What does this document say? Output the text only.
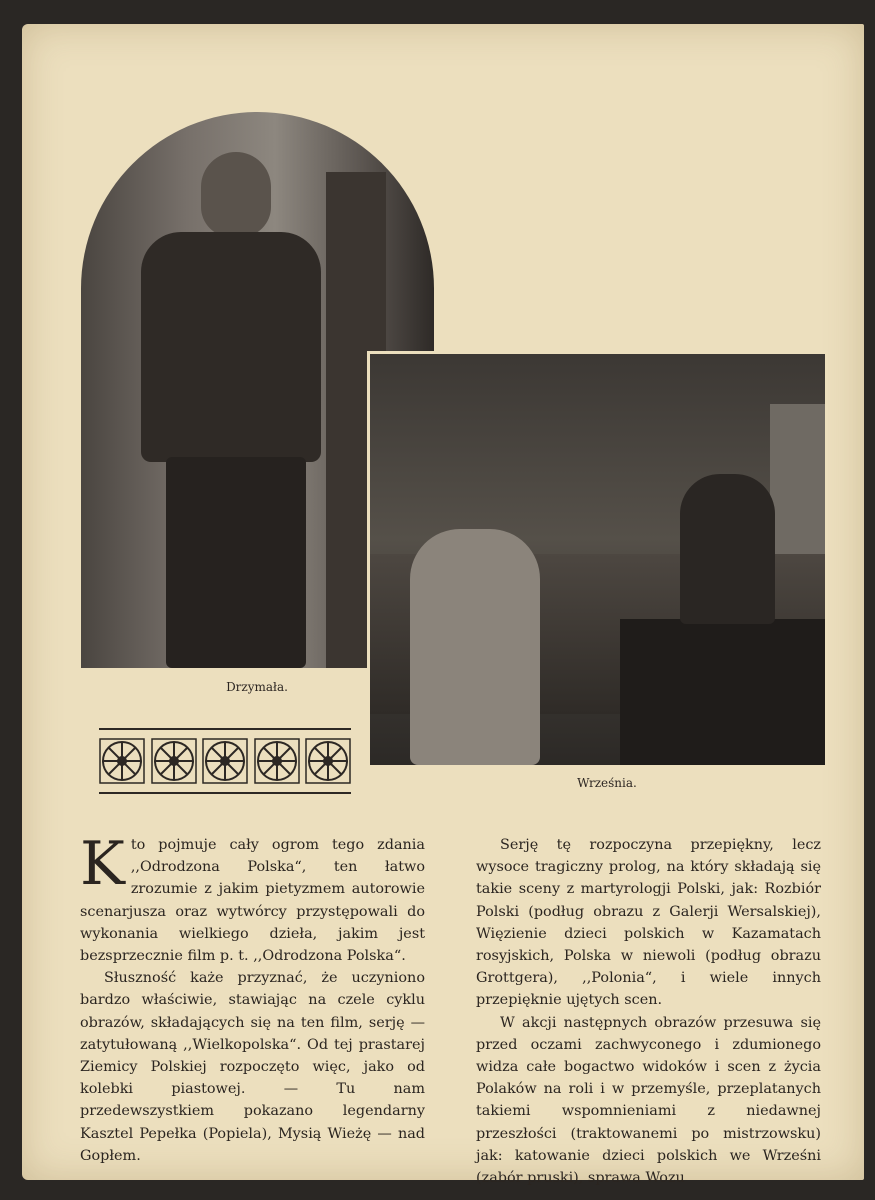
Drzymała.
Września.

Kto pojmuje cały ogrom tego zdania ,,Odrodzona Polska“, ten łatwo zrozumie z jakim pietyzmem autorowie scenarjusza oraz wytwórcy przystępowali do wykonania wielkiego dzieła, jakim jest bezsprzecznie film p. t. ,,Odrodzona Polska“.

Słuszność każe przyznać, że uczyniono bardzo właściwie, stawiając na czele cyklu obrazów, składających się na ten film, serję — zatytułowaną ,,Wielkopolska“. Od tej prastarej Ziemicy Polskiej rozpoczęto więc, jako od kolebki piastowej. — Tu nam przedewszystkiem pokazano legendarny Kasztel Pepełka (Popiela), Mysią Wieżę — nad Gopłem.

Serję tę rozpoczyna przepiękny, lecz wysoce tragiczny prolog, na który składają się takie sceny z martyrologji Polski, jak: Rozbiór Polski (podług obrazu z Galerji Wersalskiej), Więzienie dzieci polskich w Kazamatach rosyjskich, Polska w niewoli (podług obrazu Grottgera), ,,Polonia“, i wiele innych przepięknie ujętych scen.

W akcji następnych obrazów przesuwa się przed oczami zachwyconego i zdumionego widza całe bogactwo widoków i scen z życia Polaków na roli i w przemyśle, przeplatanych takiemi wspomnieniami z niedawnej przeszłości (traktowanemi po mistrzowsku) jak: katowanie dzieci polskich we Wrześni (zabór pruski), sprawa Wozu
